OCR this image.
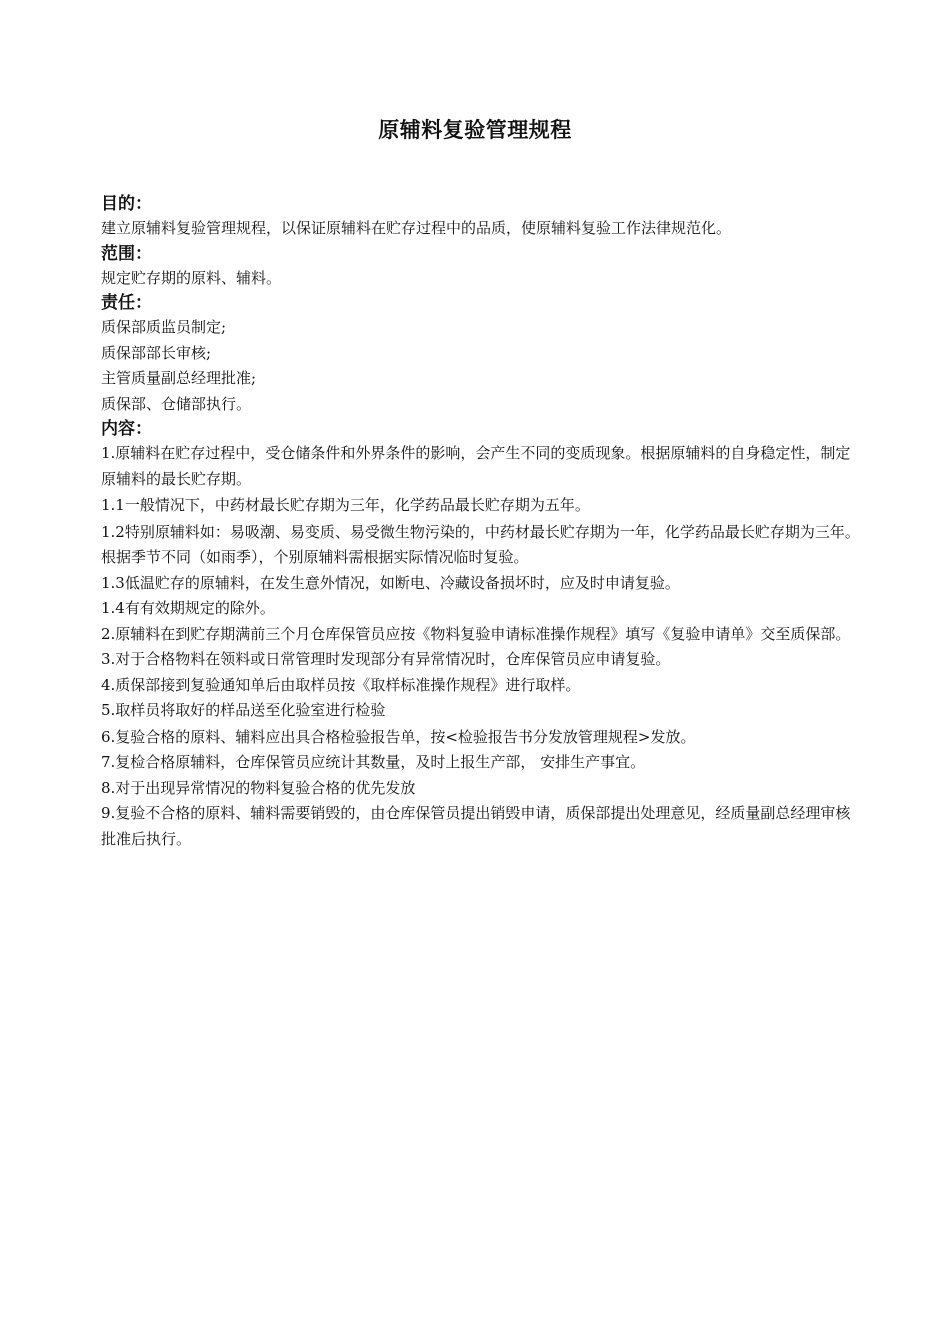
原辅料复验管理规程

目的：

建立原辅料复验管理规程，以保证原辅料在贮存过程中的品质，使原辅料复验工作法律规范化。

范围：

规定贮存期的原料、辅料。

责任：

质保部质监员制定;

质保部部长审核;

主管质量副总经理批准;

质保部、仓储部执行。

内容：

1.原辅料在贮存过程中，受仓储条件和外界条件的影响，会产生不同的变质现象。根据原辅料的自身稳定性，制定原辅料的最长贮存期。

1.1一般情况下，中药材最长贮存期为三年，化学药品最长贮存期为五年。

1.2特别原辅料如：易吸潮、易变质、易受微生物污染的，中药材最长贮存期为一年，化学药品最长贮存期为三年。根据季节不同（如雨季），个别原辅料需根据实际情况临时复验。

1.3低温贮存的原辅料，在发生意外情况，如断电、冷藏设备损坏时，应及时申请复验。

1.4有有效期规定的除外。

2.原辅料在到贮存期满前三个月仓库保管员应按《物料复验申请标准操作规程》填写《复验申请单》交至质保部。

3.对于合格物料在领料或日常管理时发现部分有异常情况时，仓库保管员应申请复验。

4.质保部接到复验通知单后由取样员按《取样标准操作规程》进行取样。

5.取样员将取好的样品送至化验室进行检验

6.复验合格的原料、辅料应出具合格检验报告单，按<检验报告书分发放管理规程>发放。

7.复检合格原辅料，仓库保管员应统计其数量，及时上报生产部， 安排生产事宜。

8.对于出现异常情况的物料复验合格的优先发放

9.复验不合格的原料、辅料需要销毁的，由仓库保管员提出销毁申请，质保部提出处理意见，经质量副总经理审核批准后执行。
